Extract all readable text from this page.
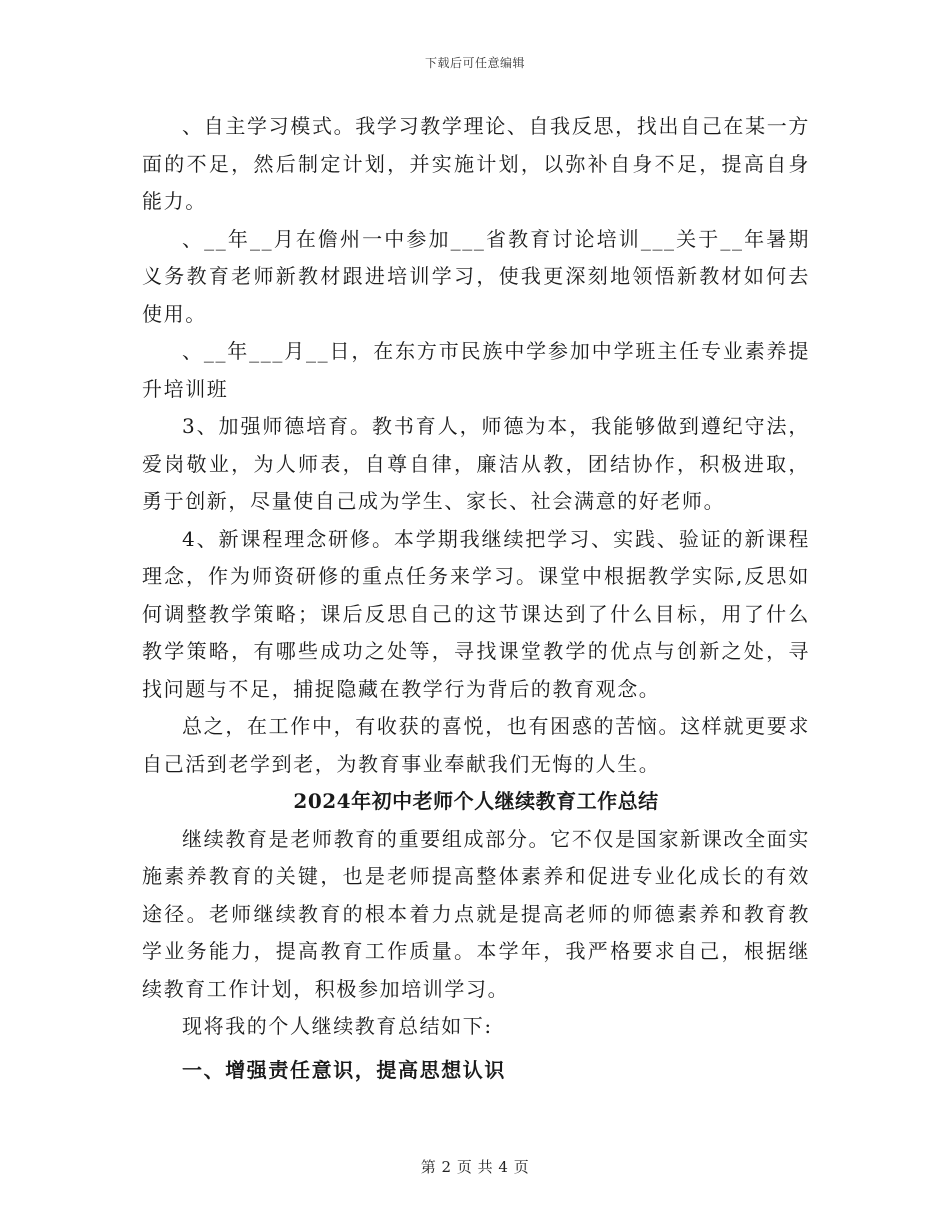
下载后可任意编辑

、自主学习模式。我学习教学理论、自我反思，找出自己在某一方面的不足，然后制定计划，并实施计划，以弥补自身不足，提高自身能力。

、__年__月在儋州一中参加___省教育讨论培训___关于__年暑期义务教育老师新教材跟进培训学习，使我更深刻地领悟新教材如何去使用。

、__年___月__日，在东方市民族中学参加中学班主任专业素养提升培训班

3、加强师德培育。教书育人，师德为本，我能够做到遵纪守法，爱岗敬业，为人师表，自尊自律，廉洁从教，团结协作，积极进取，勇于创新，尽量使自己成为学生、家长、社会满意的好老师。

4、新课程理念研修。本学期我继续把学习、实践、验证的新课程理念，作为师资研修的重点任务来学习。课堂中根据教学实际,反思如何调整教学策略；课后反思自己的这节课达到了什么目标，用了什么教学策略，有哪些成功之处等，寻找课堂教学的优点与创新之处，寻找问题与不足，捕捉隐藏在教学行为背后的教育观念。

总之，在工作中，有收获的喜悦，也有困惑的苦恼。这样就更要求自己活到老学到老，为教育事业奉献我们无悔的人生。

2024年初中老师个人继续教育工作总结

继续教育是老师教育的重要组成部分。它不仅是国家新课改全面实施素养教育的关键，也是老师提高整体素养和促进专业化成长的有效途径。老师继续教育的根本着力点就是提高老师的师德素养和教育教学业务能力，提高教育工作质量。本学年，我严格要求自己，根据继续教育工作计划，积极参加培训学习。

现将我的个人继续教育总结如下:

一、增强责任意识，提高思想认识

第 2 页 共 4 页
